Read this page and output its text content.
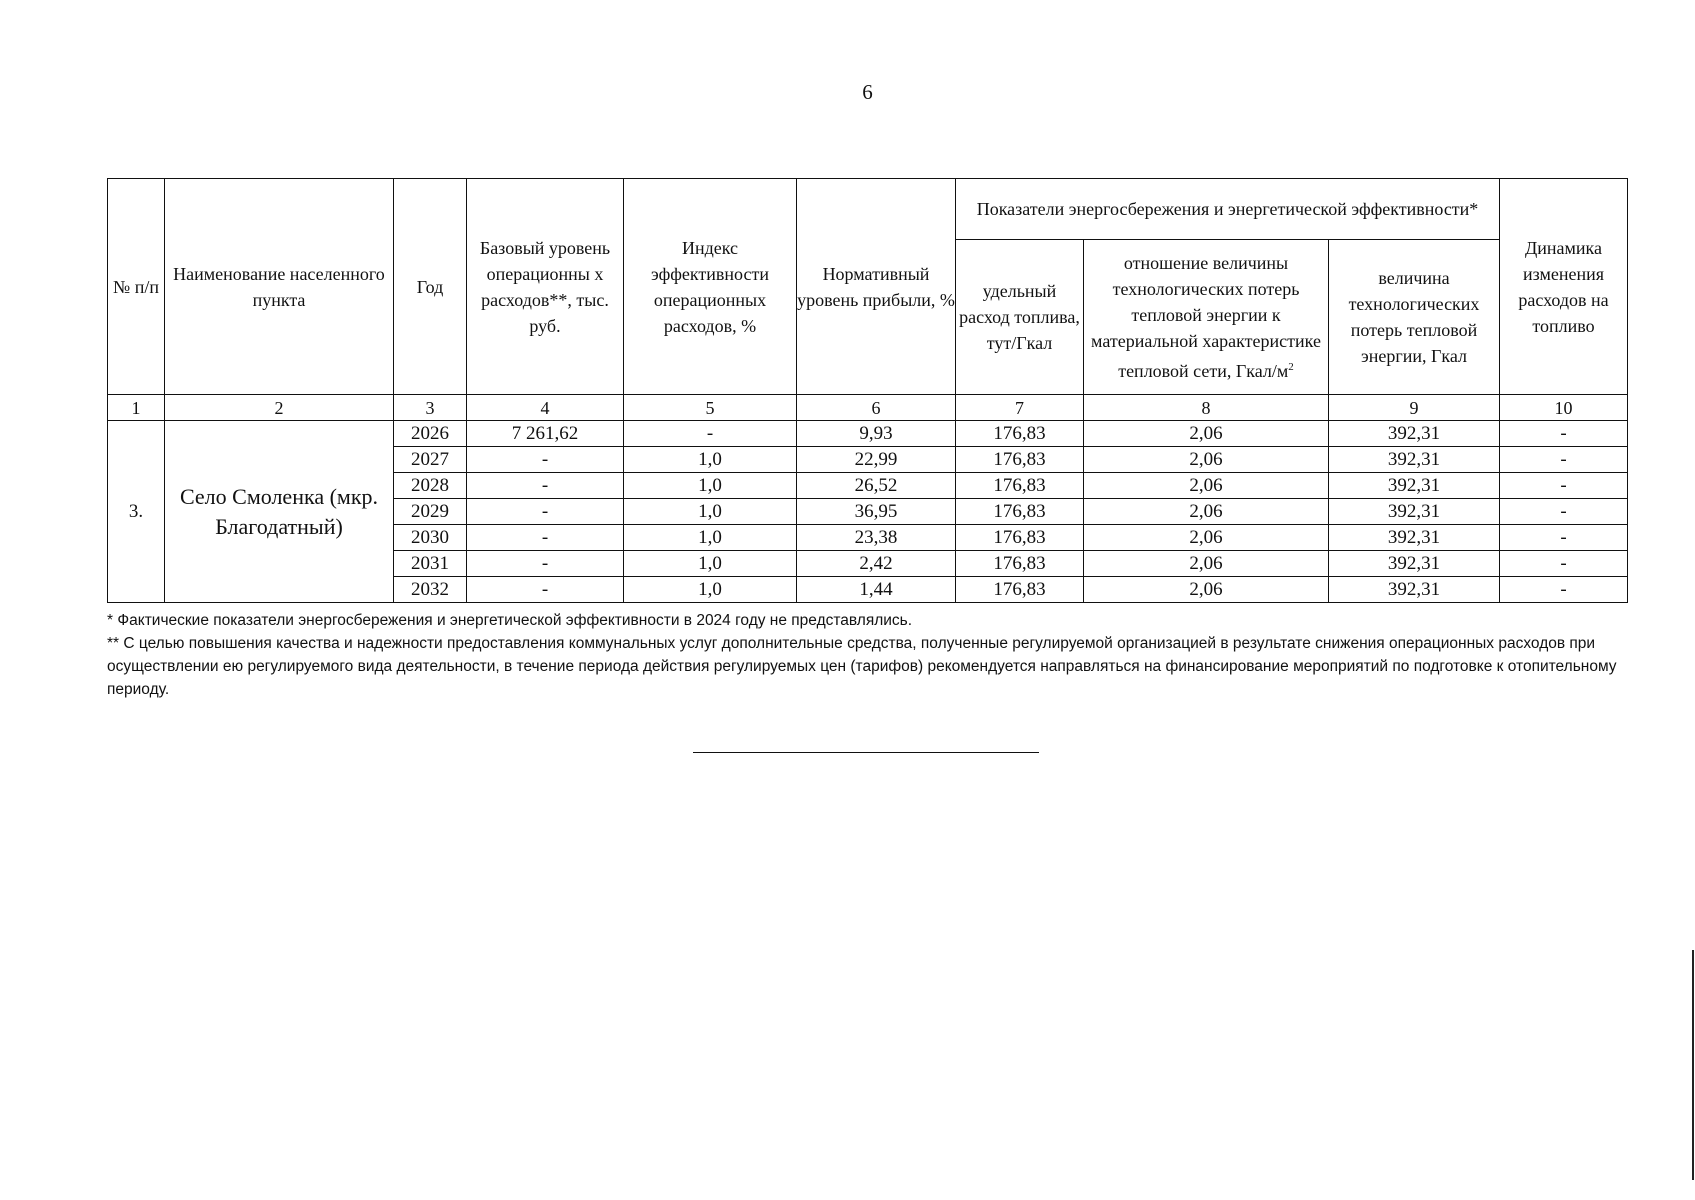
6
№ п/п	Наименование населенного пункта	Год	Базовый уровень операционны х расходов**, тыс. руб.	Индекс эффективности операционных расходов, %	Нормативный уровень прибыли, %	Показатели энергосбережения и энергетической эффективности*			Динамика изменения расходов на топливо
						удельный расход топлива, тут/Гкал	отношение величины технологических потерь тепловой энергии к материальной характеристике тепловой сети, Гкал/$м^2$	величина технологических потерь тепловой энергии, Гкал	
1	2	3	4	5	6	7	8	9	10
3.	Село Смоленка (мкр. Благодатный)	2026	7 261,62	-	9,93	176,83	2,06	392,31	-
		2027	-	1,0	22,99	176,83	2,06	392,31	-
		2028	-	1,0	26,52	176,83	2,06	392,31	-
		2029	-	1,0	36,95	176,83	2,06	392,31	-
		2030	-	1,0	23,38	176,83	2,06	392,31	-
		2031	-	1,0	2,42	176,83	2,06	392,31	-
		2032	-	1,0	1,44	176,83	2,06	392,31	-

* Фактические показатели энергосбережения и энергетической эффективности в 2024 году не представлялись.

** С целью повышения качества и надежности предоставления коммунальных услуг дополнительные средства, полученные регулируемой организацией в результате снижения операционных расходов при осуществлении ею регулируемого вида деятельности, в течение периода действия регулируемых цен (тарифов) рекомендуется направляться на финансирование мероприятий по подготовке к отопительному периоду.
